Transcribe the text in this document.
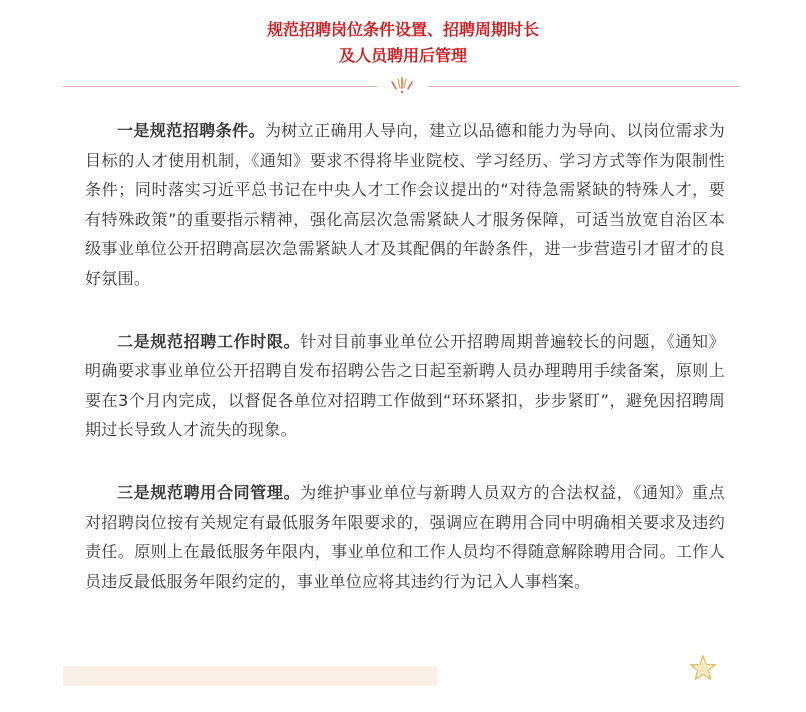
规范招聘岗位条件设置、招聘周期时长
及人员聘用后管理

一是规范招聘条件。为树立正确用人导向，建立以品德和能力为导向、以岗位需求为目标的人才使用机制，《通知》要求不得将毕业院校、学习经历、学习方式等作为限制性条件；同时落实习近平总书记在中央人才工作会议提出的“对待急需紧缺的特殊人才，要有特殊政策”的重要指示精神，强化高层次急需紧缺人才服务保障，可适当放宽自治区本级事业单位公开招聘高层次急需紧缺人才及其配偶的年龄条件，进一步营造引才留才的良好氛围。

二是规范招聘工作时限。针对目前事业单位公开招聘周期普遍较长的问题，《通知》明确要求事业单位公开招聘自发布招聘公告之日起至新聘人员办理聘用手续备案，原则上要在3个月内完成，以督促各单位对招聘工作做到“环环紧扣，步步紧盯”，避免因招聘周期过长导致人才流失的现象。

三是规范聘用合同管理。为维护事业单位与新聘人员双方的合法权益，《通知》重点对招聘岗位按有关规定有最低服务年限要求的，强调应在聘用合同中明确相关要求及违约责任。原则上在最低服务年限内，事业单位和工作人员均不得随意解除聘用合同。工作人员违反最低服务年限约定的，事业单位应将其违约行为记入人事档案。
